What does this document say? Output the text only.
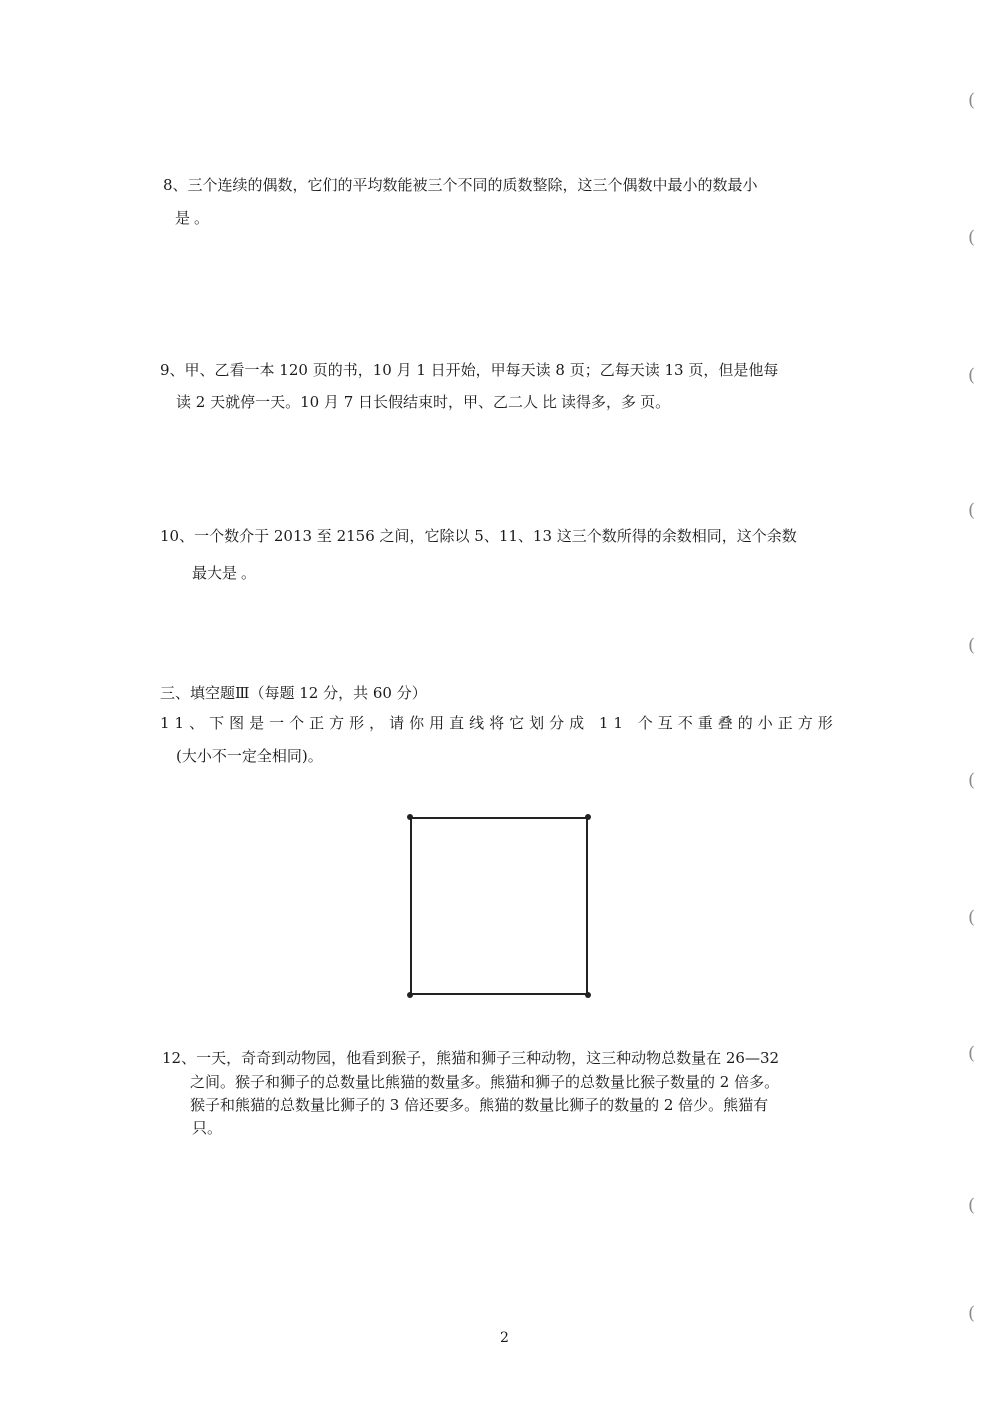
8、三个连续的偶数，它们的平均数能被三个不同的质数整除，这三个偶数中最小的数最小

是 。

9、甲、乙看一本 120 页的书，10 月 1 日开始，甲每天读 8 页；乙每天读 13 页，但是他每

读 2 天就停一天。10 月 7 日长假结束时，甲、乙二人 比 读得多，多 页。

10、一个数介于 2013 至 2156 之间，它除以 5、11、13 这三个数所得的余数相同，这个余数

最大是 。

三、填空题Ⅲ（每题 12 分，共 60 分）

11、下图是一个正方形，请你用直线将它划分成 11 个互不重叠的小正方形

(大小不一定全相同)。

12、一天，奇奇到动物园，他看到猴子，熊猫和狮子三种动物，这三种动物总数量在 26—32

之间。猴子和狮子的总数量比熊猫的数量多。熊猫和狮子的总数量比猴子数量的 2 倍多。

猴子和熊猫的总数量比狮子的 3 倍还要多。熊猫的数量比狮子的数量的 2 倍少。熊猫有

只。

2
(
(
(
(
(
(
(
(
(
(
